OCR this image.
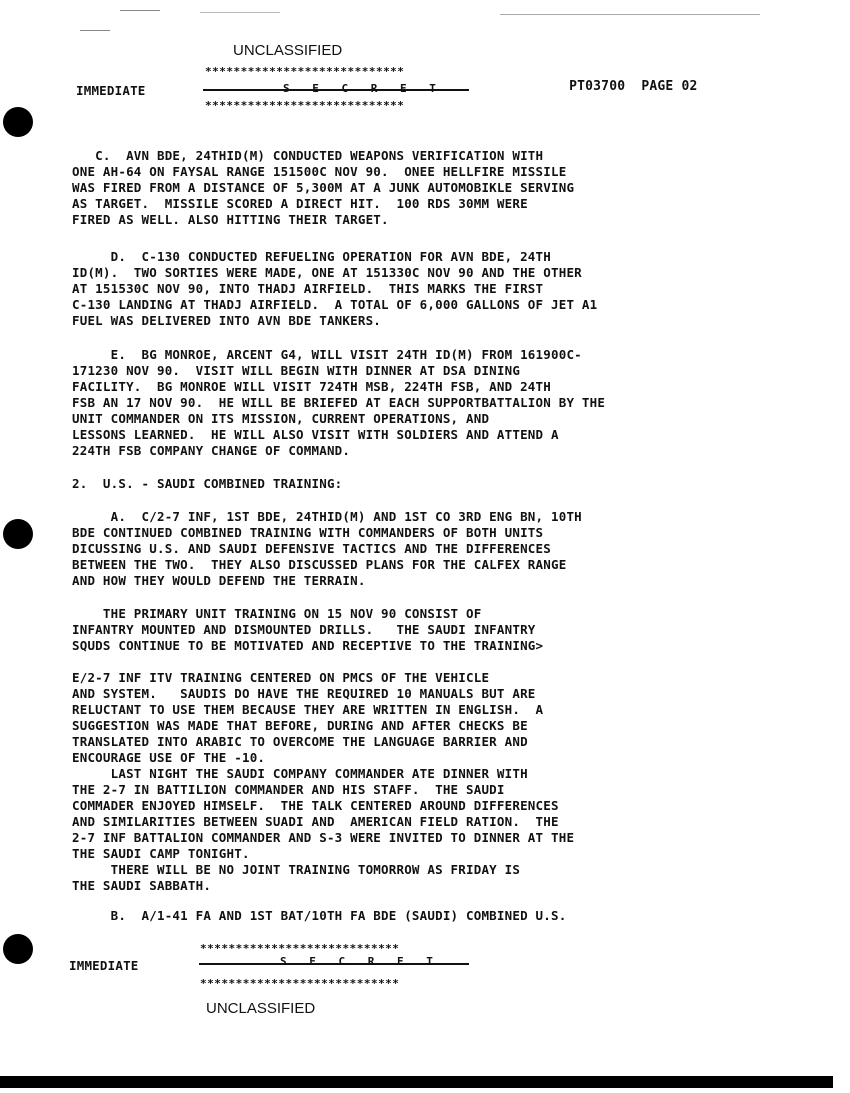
UNCLASSIFIED
****************************

PT03700 PAGE 02

IMMEDIATE	S E C R E T
****************************
C.  AVN BDE, 24THID(M) CONDUCTED WEAPONS VERIFICATION WITH
ONE AH-64 ON FAYSAL RANGE 151500C NOV 90.  ONEE HELLFIRE MISSILE
WAS FIRED FROM A DISTANCE OF 5,300M AT A JUNK AUTOMOBIKLE SERVING
AS TARGET.  MISSILE SCORED A DIRECT HIT.  100 RDS 30MM WERE
FIRED AS WELL. ALSO HITTING THEIR TARGET.
D.  C-130 CONDUCTED REFUELING OPERATION FOR AVN BDE, 24TH
ID(M).  TWO SORTIES WERE MADE, ONE AT 151330C NOV 90 AND THE OTHER
AT 151530C NOV 90, INTO THADJ AIRFIELD.  THIS MARKS THE FIRST
C-130 LANDING AT THADJ AIRFIELD.  A TOTAL OF 6,000 GALLONS OF JET A1
FUEL WAS DELIVERED INTO AVN BDE TANKERS.
E.  BG MONROE, ARCENT G4, WILL VISIT 24TH ID(M) FROM 161900C-
171230 NOV 90.  VISIT WILL BEGIN WITH DINNER AT DSA DINING
FACILITY.  BG MONROE WILL VISIT 724TH MSB, 224TH FSB, AND 24TH
FSB AN 17 NOV 90.  HE WILL BE BRIEFED AT EACH SUPPORTBATTALION BY THE
UNIT COMMANDER ON ITS MISSION, CURRENT OPERATIONS, AND
LESSONS LEARNED.  HE WILL ALSO VISIT WITH SOLDIERS AND ATTEND A
224TH FSB COMPANY CHANGE OF COMMAND.
2.  U.S. - SAUDI COMBINED TRAINING:
A.  C/2-7 INF, 1ST BDE, 24THID(M) AND 1ST CO 3RD ENG BN, 10TH
BDE CONTINUED COMBINED TRAINING WITH COMMANDERS OF BOTH UNITS
DICUSSING U.S. AND SAUDI DEFENSIVE TACTICS AND THE DIFFERENCES
BETWEEN THE TWO.  THEY ALSO DISCUSSED PLANS FOR THE CALFEX RANGE
AND HOW THEY WOULD DEFEND THE TERRAIN.
THE PRIMARY UNIT TRAINING ON 15 NOV 90 CONSIST OF
INFANTRY MOUNTED AND DISMOUNTED DRILLS.   THE SAUDI INFANTRY
SQUDS CONTINUE TO BE MOTIVATED AND RECEPTIVE TO THE TRAINING>
E/2-7 INF ITV TRAINING CENTERED ON PMCS OF THE VEHICLE
AND SYSTEM.   SAUDIS DO HAVE THE REQUIRED 10 MANUALS BUT ARE
RELUCTANT TO USE THEM BECAUSE THEY ARE WRITTEN IN ENGLISH.  A
SUGGESTION WAS MADE THAT BEFORE, DURING AND AFTER CHECKS BE
TRANSLATED INTO ARABIC TO OVERCOME THE LANGUAGE BARRIER AND
ENCOURAGE USE OF THE -10.
LAST NIGHT THE SAUDI COMPANY COMMANDER ATE DINNER WITH
THE 2-7 IN BATTILION COMMANDER AND HIS STAFF.  THE SAUDI
COMMADER ENJOYED HIMSELF.  THE TALK CENTERED AROUND DIFFERENCES
AND SIMILARITIES BETWEEN SUADI AND  AMERICAN FIELD RATION.  THE
2-7 INF BATTALION COMMANDER AND S-3 WERE INVITED TO DINNER AT THE
THE SAUDI CAMP TONIGHT.
THERE WILL BE NO JOINT TRAINING TOMORROW AS FRIDAY IS
THE SAUDI SABBATH.
B.  A/1-41 FA AND 1ST BAT/10TH FA BDE (SAUDI) COMBINED U.S.
****************************
IMMEDIATE	S E C R E T
****************************
UNCLASSIFIED
